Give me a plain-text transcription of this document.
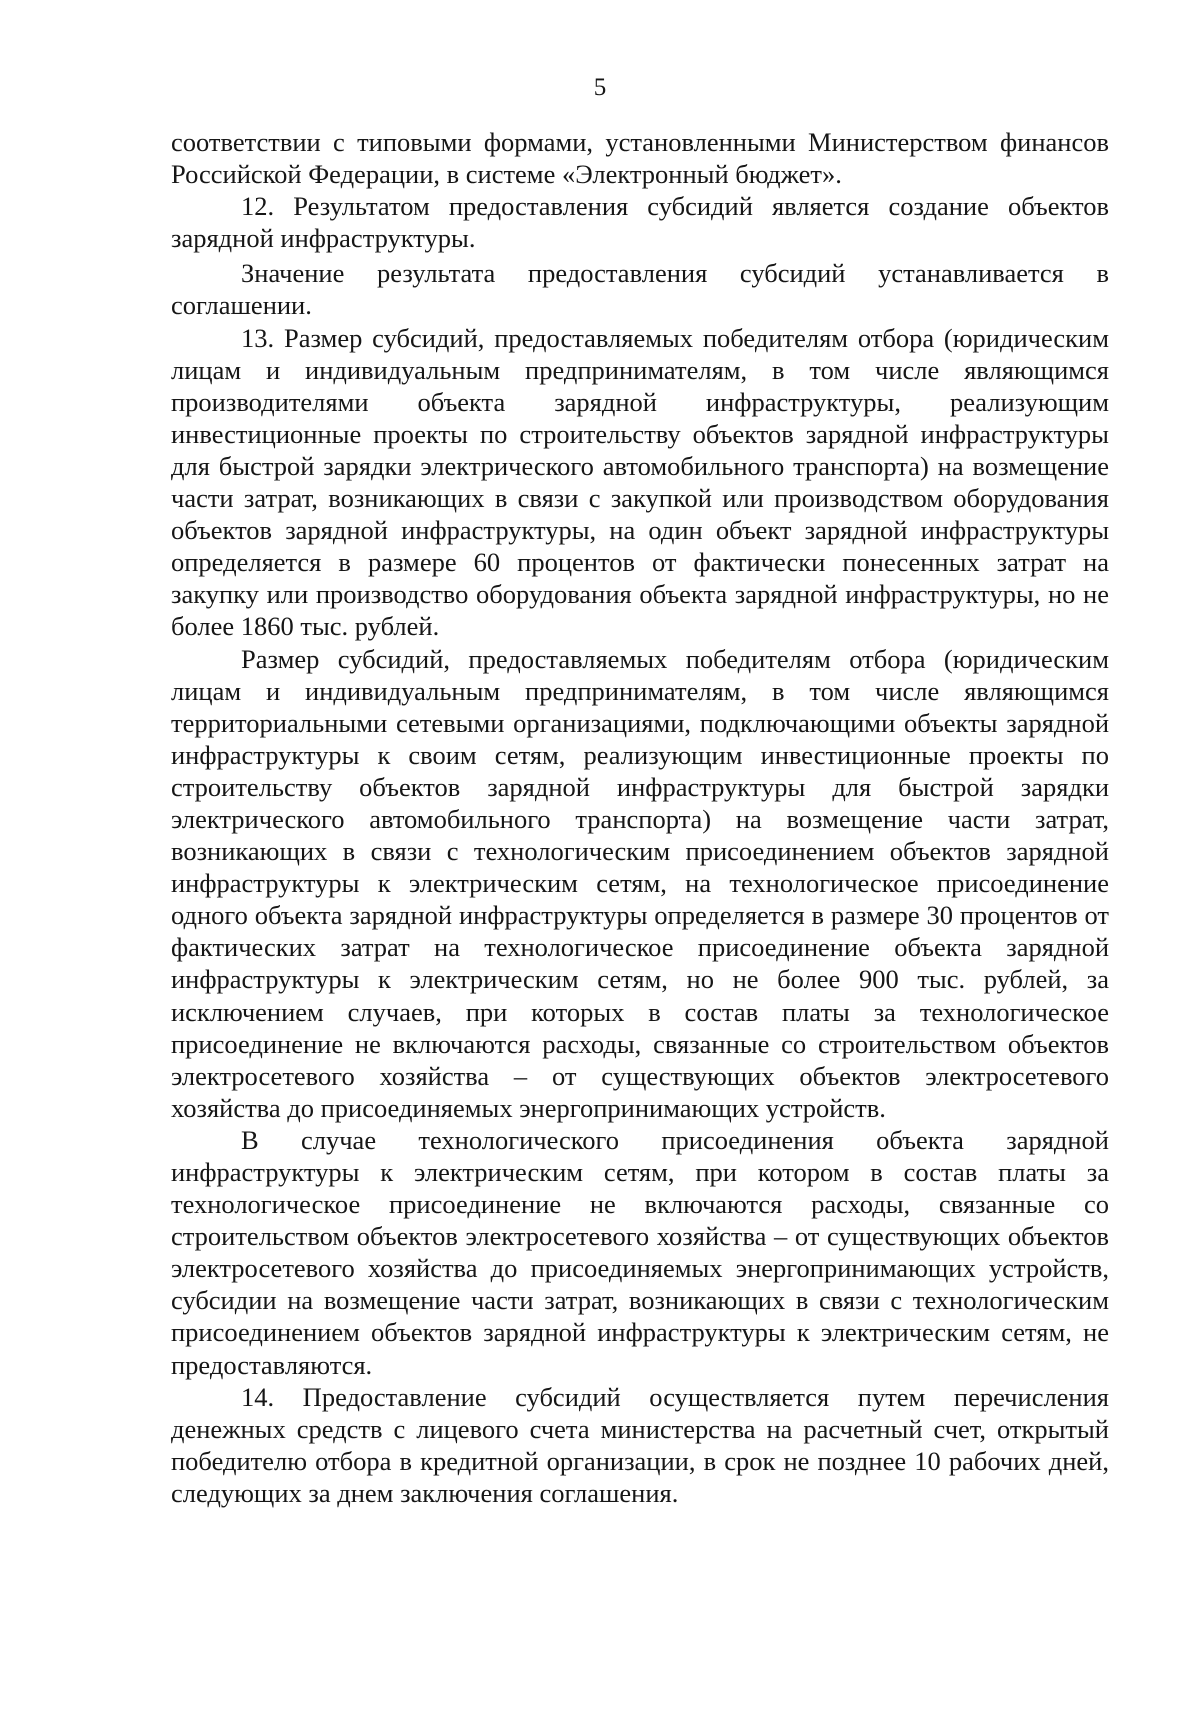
5

соответствии с типовыми формами, установленными Министерством финансов Российской Федерации, в системе «Электронный бюджет».

12. Результатом предоставления субсидий является создание объектов зарядной инфраструктуры.

Значение результата предоставления субсидий устанавливается в соглашении.

13. Размер субсидий, предоставляемых победителям отбора (юридическим лицам и индивидуальным предпринимателям, в том числе являющимся производителями объекта зарядной инфраструктуры, реализующим инвестиционные проекты по строительству объектов зарядной инфраструктуры для быстрой зарядки электрического автомобильного транспорта) на возмещение части затрат, возникающих в связи с закупкой или производством оборудования объектов зарядной инфраструктуры, на один объект зарядной инфраструктуры определяется в размере 60 процентов от фактически понесенных затрат на закупку или производство оборудования объекта зарядной инфраструктуры, но не более 1860 тыс. рублей.

Размер субсидий, предоставляемых победителям отбора (юридическим лицам и индивидуальным предпринимателям, в том числе являющимся территориальными сетевыми организациями, подключающими объекты зарядной инфраструктуры к своим сетям, реализующим инвестиционные проекты по строительству объектов зарядной инфраструктуры для быстрой зарядки электрического автомобильного транспорта) на возмещение части затрат, возникающих в связи с технологическим присоединением объектов зарядной инфраструктуры к электрическим сетям, на технологическое присоединение одного объекта зарядной инфраструктуры определяется в размере 30 процентов от фактических затрат на технологическое присоединение объекта зарядной инфраструктуры к электрическим сетям, но не более 900 тыс. рублей, за исключением случаев, при которых в состав платы за технологическое присоединение не включаются расходы, связанные со строительством объектов электросетевого хозяйства – от существующих объектов электросетевого хозяйства до присоединяемых энергопринимающих устройств.

В случае технологического присоединения объекта зарядной инфраструктуры к электрическим сетям, при котором в состав платы за технологическое присоединение не включаются расходы, связанные со строительством объектов электросетевого хозяйства – от существующих объектов электросетевого хозяйства до присоединяемых энергопринимающих устройств, субсидии на возмещение части затрат, возникающих в связи с технологическим присоединением объектов зарядной инфраструктуры к электрическим сетям, не предоставляются.

14. Предоставление субсидий осуществляется путем перечисления денежных средств с лицевого счета министерства на расчетный счет, открытый победителю отбора в кредитной организации, в срок не позднее 10 рабочих дней, следующих за днем заключения соглашения.
